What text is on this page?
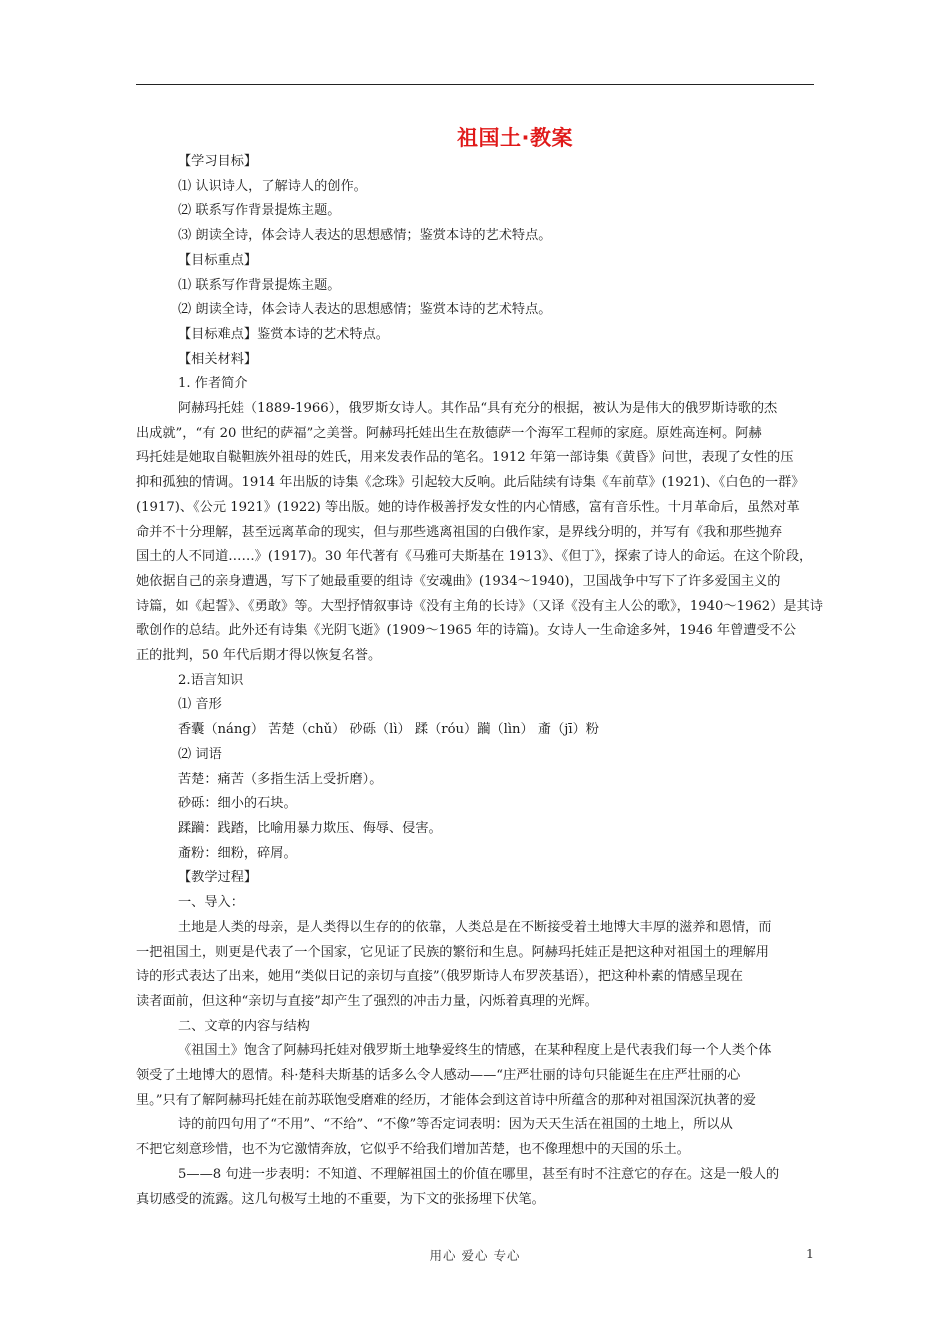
祖国土·教案
【学习目标】
⑴ 认识诗人，了解诗人的创作。
⑵ 联系写作背景提炼主题。
⑶ 朗读全诗，体会诗人表达的思想感情；鉴赏本诗的艺术特点。
【目标重点】
⑴ 联系写作背景提炼主题。
⑵ 朗读全诗，体会诗人表达的思想感情；鉴赏本诗的艺术特点。
【目标难点】鉴赏本诗的艺术特点。
【相关材料】
1. 作者简介
阿赫玛托娃（1889-1966），俄罗斯女诗人。其作品“具有充分的根据，被认为是伟大的俄罗斯诗歌的杰
出成就”，“有 20 世纪的萨福”之美誉。阿赫玛托娃出生在敖德萨一个海军工程师的家庭。原姓高连柯。阿赫
玛托娃是她取自鞑靼族外祖母的姓氏，用来发表作品的笔名。1912 年第一部诗集《黄昏》问世，表现了女性的压
抑和孤独的情调。1914 年出版的诗集《念珠》引起较大反响。此后陆续有诗集《车前草》(1921)、《白色的一群》
(1917)、《公元 1921》(1922) 等出版。她的诗作极善抒发女性的内心情感，富有音乐性。十月革命后，虽然对革
命并不十分理解，甚至远离革命的现实，但与那些逃离祖国的白俄作家，是界线分明的，并写有《我和那些抛弃
国土的人不同道……》(1917)。30 年代著有《马雅可夫斯基在 1913》、《但丁》，探索了诗人的命运。在这个阶段，
她依据自己的亲身遭遇，写下了她最重要的组诗《安魂曲》(1934～1940)，卫国战争中写下了许多爱国主义的
诗篇，如《起誓》、《勇敢》等。大型抒情叙事诗《没有主角的长诗》（又译《没有主人公的歌》，1940～1962）是其诗
歌创作的总结。此外还有诗集《光阴飞逝》(1909～1965 年的诗篇)。女诗人一生命途多舛，1946 年曾遭受不公
正的批判，50 年代后期才得以恢复名誉。
2.语言知识
⑴ 音形
香囊（náng） 苦楚（chǔ） 砂砾（lì） 蹂（róu）躏（lìn） 齑（jī）粉
⑵ 词语
苦楚：痛苦（多指生活上受折磨）。
砂砾：细小的石块。
蹂躏：践踏，比喻用暴力欺压、侮辱、侵害。
齑粉：细粉，碎屑。
【教学过程】
一、导入：
土地是人类的母亲，是人类得以生存的的依靠，人类总是在不断接受着土地博大丰厚的滋养和恩情，而
一把祖国土，则更是代表了一个国家，它见证了民族的繁衍和生息。阿赫玛托娃正是把这种对祖国土的理解用
诗的形式表达了出来，她用“类似日记的亲切与直接”（俄罗斯诗人布罗茨基语），把这种朴素的情感呈现在
读者面前，但这种“亲切与直接”却产生了强烈的冲击力量，闪烁着真理的光辉。
二、文章的内容与结构
《祖国土》饱含了阿赫玛托娃对俄罗斯土地挚爱终生的情感，在某种程度上是代表我们每一个人类个体
领受了土地博大的恩情。科·楚科夫斯基的话多么令人感动——“庄严壮丽的诗句只能诞生在庄严壮丽的心
里。”只有了解阿赫玛托娃在前苏联饱受磨难的经历，才能体会到这首诗中所蕴含的那种对祖国深沉执著的爱
诗的前四句用了“不用”、“不给”、“不像”等否定词表明：因为天天生活在祖国的土地上，所以从
不把它刻意珍惜，也不为它激情奔放，它似乎不给我们增加苦楚，也不像理想中的天国的乐土。
5——8 句进一步表明：不知道、不理解祖国土的价值在哪里，甚至有时不注意它的存在。这是一般人的
真切感受的流露。这几句极写土地的不重要，为下文的张扬埋下伏笔。
用心 爱心 专心	1
